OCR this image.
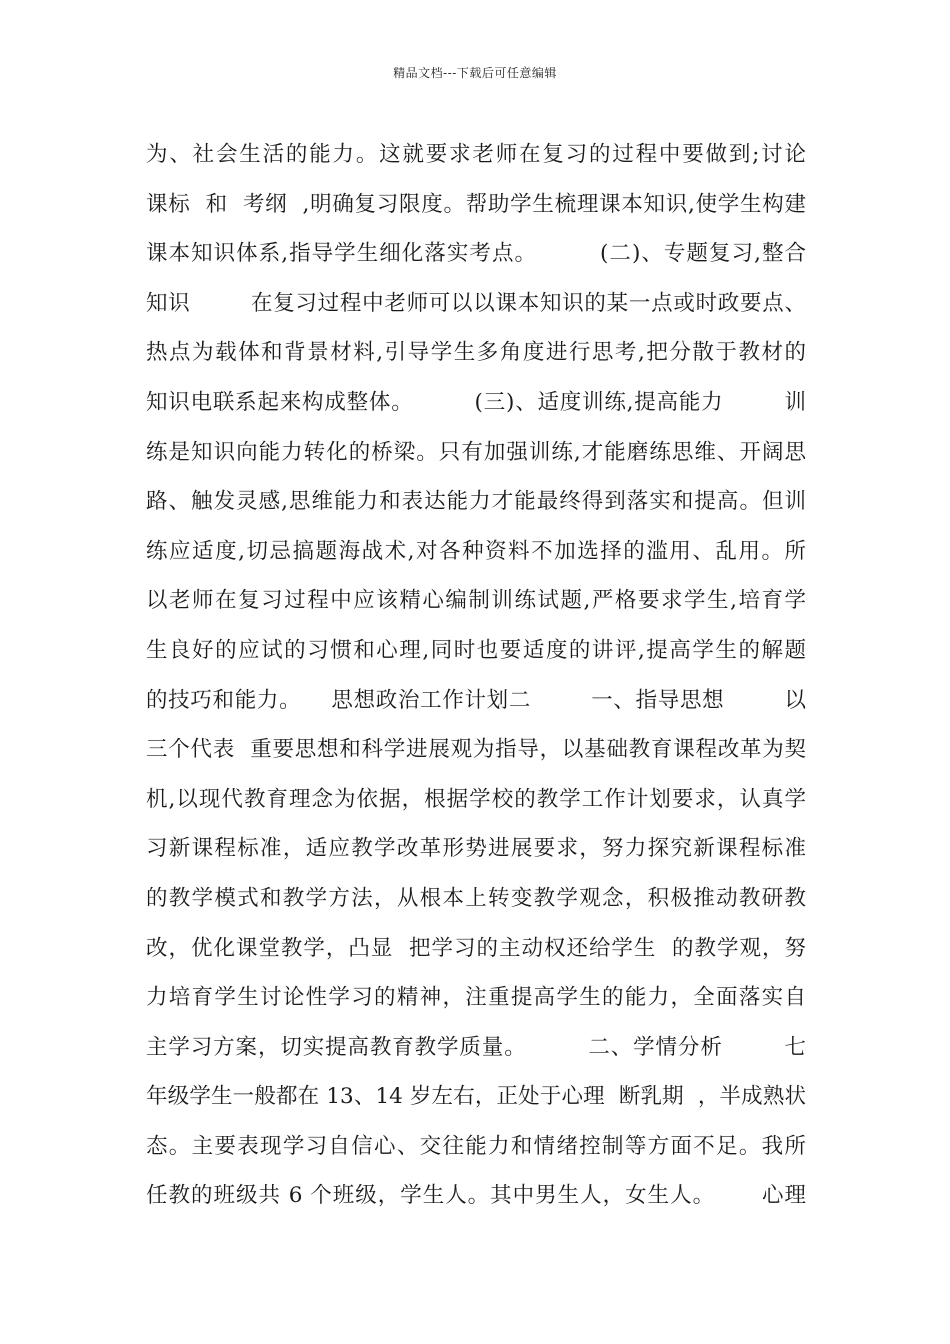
精品文档---下载后可任意编辑
为、社会生活的能力。这就要求老师在复习的过程中要做到;讨论
课标  和  考纲  ,明确复习限度。帮助学生梳理课本知识,使学生构建
课本知识体系,指导学生细化落实考点。        (二)、专题复习,整合
知识        在复习过程中老师可以以课本知识的某一点或时政要点、
热点为载体和背景材料,引导学生多角度进行思考,把分散于教材的
知识电联系起来构成整体。        (三)、适度训练,提高能力        训
练是知识向能力转化的桥梁。只有加强训练,才能磨练思维、开阔思
路、触发灵感,思维能力和表达能力才能最终得到落实和提高。但训
练应适度,切忌搞题海战术,对各种资料不加选择的滥用、乱用。所
以老师在复习过程中应该精心编制训练试题,严格要求学生,培育学
生良好的应试的习惯和心理,同时也要适度的讲评,提高学生的解题
的技巧和能力。    思想政治工作计划二        一、指导思想        以
三个代表  重要思想和科学进展观为指导，以基础教育课程改革为契
机,以现代教育理念为依据，根据学校的教学工作计划要求，认真学
习新课程标准，适应教学改革形势进展要求，努力探究新课程标准
的教学模式和教学方法，从根本上转变教学观念，积极推动教研教
改，优化课堂教学，凸显  把学习的主动权还给学生  的教学观，努
力培育学生讨论性学习的精神，注重提高学生的能力，全面落实自
主学习方案，切实提高教育教学质量。        二、学情分析        七
年级学生一般都在 13、14 岁左右，正处于心理  断乳期  ，半成熟状
态。主要表现学习自信心、交往能力和情绪控制等方面不足。我所
任教的班级共 6 个班级，学生人。其中男生人，女生人。      心理
